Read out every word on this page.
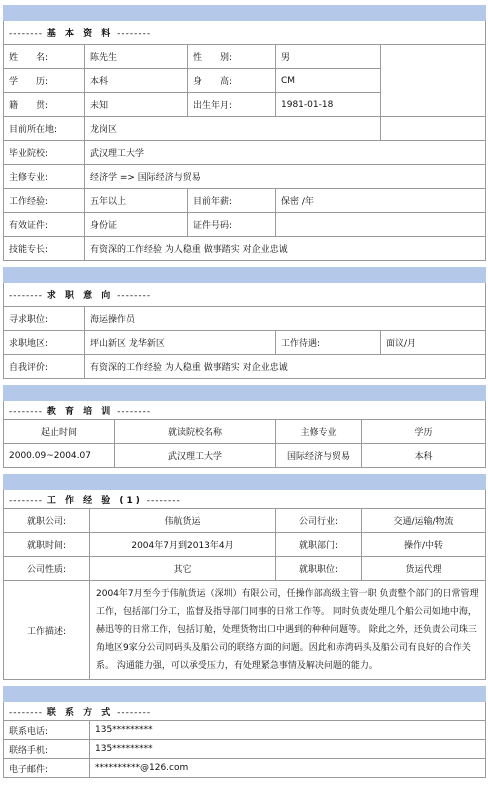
-------- 基 本 资 料 --------				
姓　　名:	陈先生	性　　别:	男	
学　　历:	本科	身　　高:	CM	
籍　　贯:	未知	出生年月:	1981-01-18	
目前所在地:	龙岗区			
毕业院校:	武汉理工大学			
主修专业:	经济学 => 国际经济与贸易			
工作经验:	五年以上	目前年薪:	保密 /年	
有效证件:	身份证	证件号码:		
技能专长:	有资深的工作经验 为人稳重 做事踏实 对企业忠诚			

-------- 求 职 意 向 --------			
寻求职位:	海运操作员		
求职地区:	坪山新区 龙华新区	工作待遇:	面议/月
自我评价:	有资深的工作经验 为人稳重 做事踏实 对企业忠诚		

-------- 教 育 培 训 --------			
起止时间	就读院校名称	主修专业	学历
2000.09~2004.07	武汉理工大学	国际经济与贸易	本科

-------- 工 作 经 验 (1) --------			
就职公司:	伟航货运	公司行业:	交通/运输/物流
就职时间:	2004年7月到2013年4月	就职部门:	操作/中转
公司性质:	其它	就职职位:	货运代理
工作描述:	2004年7月至今于伟航货运（深圳）有限公司，任操作部高级主管一职 负责整个部门的日常管理工作，包括部门分工，监督及指导部门同事的日常工作等。 同时负责处理几个船公司如地中海，赫迅等的日常工作，包括订舱，处理货物出口中遇到的种种问题等。 除此之外，还负责公司珠三角地区9家分公司同码头及船公司的联络方面的问题。因此和赤湾码头及船公司有良好的合作关系。 沟通能力强，可以承受压力，有处理紧急事情及解决问题的能力。		

-------- 联 系 方 式 --------	
联系电话:	135*********
联络手机:	135*********
电子邮件:	**********@126.com
